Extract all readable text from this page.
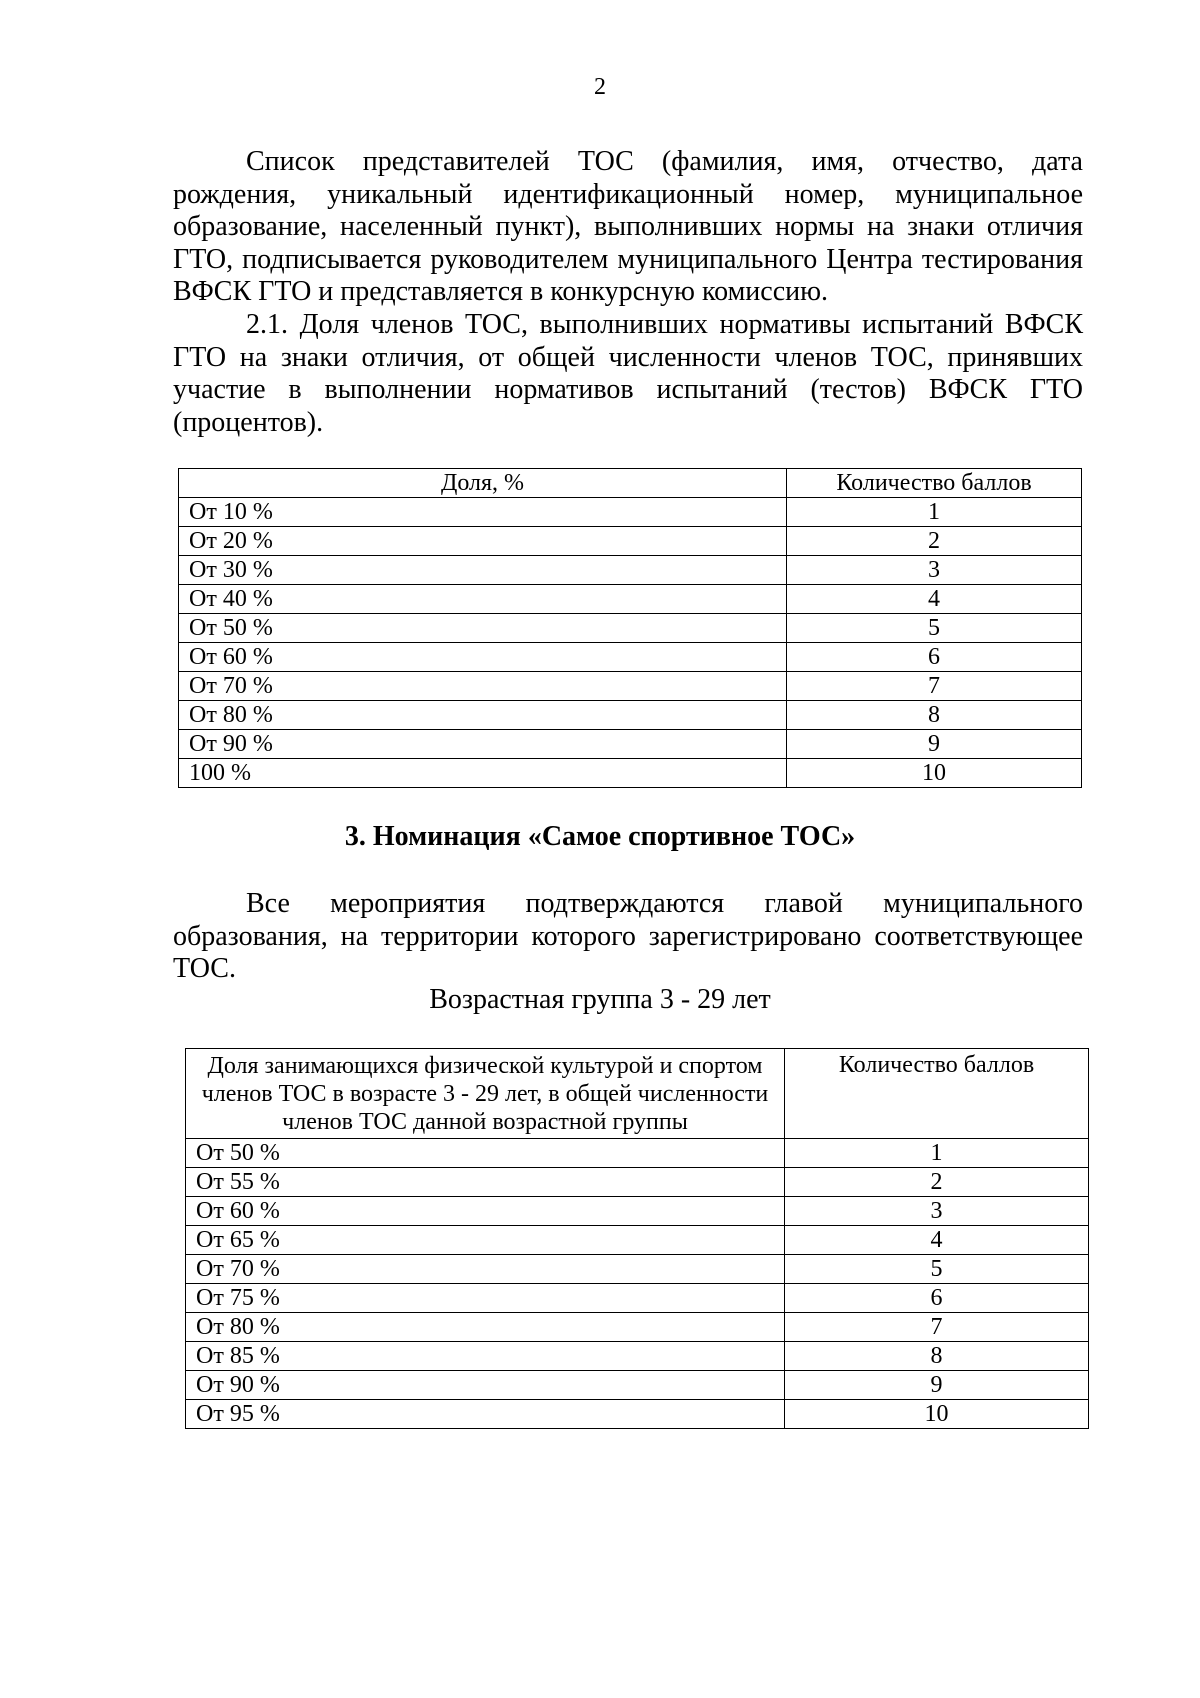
2

Список представителей ТОС (фамилия, имя, отчество, дата рождения, уникальный идентификационный номер, муниципальное образование, населенный пункт), выполнивших нормы на знаки отличия ГТО, подписывается руководителем муниципального Центра тестирования ВФСК ГТО и представляется в конкурсную комиссию.

2.1. Доля членов ТОС, выполнивших нормативы испытаний ВФСК ГТО на знаки отличия, от общей численности членов ТОС, принявших участие в выполнении нормативов испытаний (тестов) ВФСК ГТО (процентов).

Доля, %	Количество баллов
От 10 %	1
От 20 %	2
От 30 %	3
От 40 %	4
От 50 %	5
От 60 %	6
От 70 %	7
От 80 %	8
От 90 %	9
100 %	10
3. Номинация «Самое спортивное ТОС»

Все мероприятия подтверждаются главой муниципального образования, на территории которого зарегистрировано соответствующее ТОС.

Возрастная группа 3 - 29 лет
Доля занимающихся физической культурой и спортом членов ТОС в возрасте 3 - 29 лет, в общей численности членов ТОС данной возрастной группы	Количество баллов
От 50 %	1
От 55 %	2
От 60 %	3
От 65 %	4
От 70 %	5
От 75 %	6
От 80 %	7
От 85 %	8
От 90 %	9
От 95 %	10
